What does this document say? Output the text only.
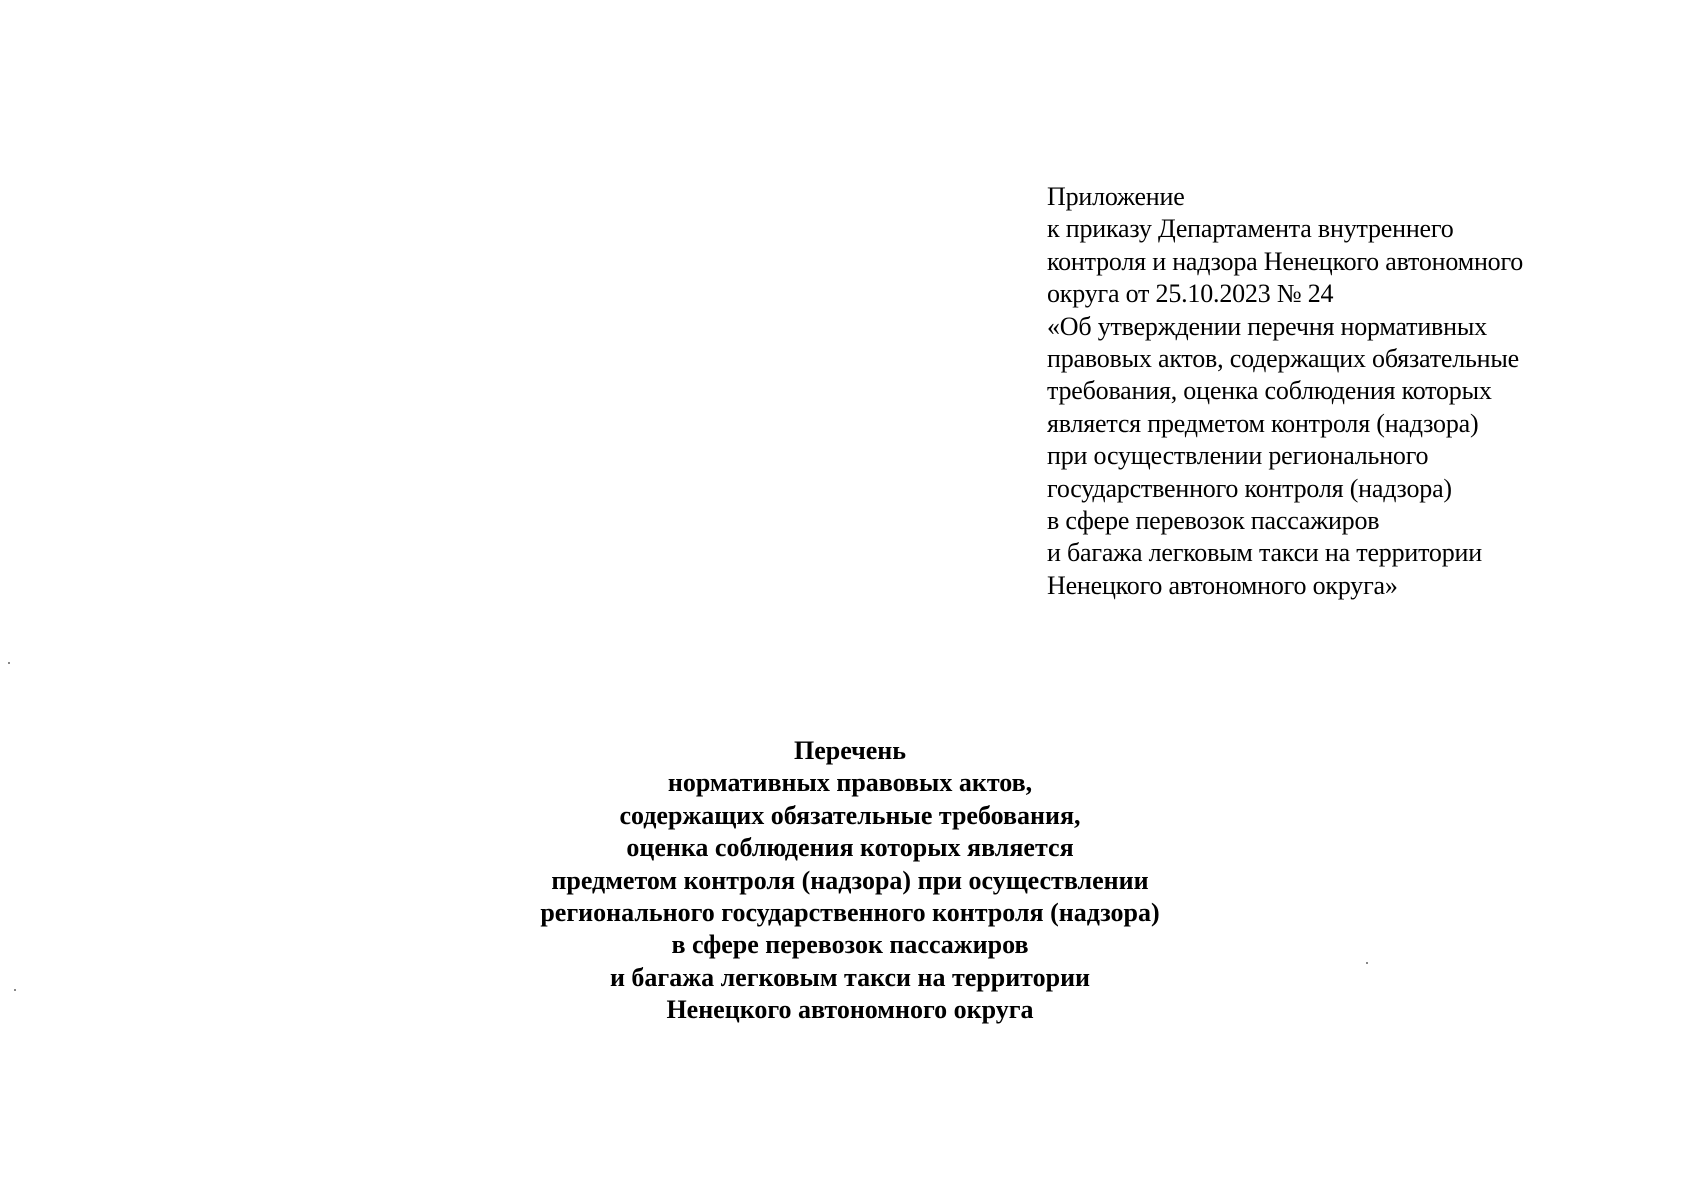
Приложение
к приказу Департамента внутреннего
контроля и надзора Ненецкого автономного
округа от 25.10.2023 № 24
«Об утверждении перечня нормативных
правовых актов, содержащих обязательные
требования, оценка соблюдения которых
является предметом контроля (надзора)
при осуществлении регионального
государственного контроля (надзора)
в сфере перевозок пассажиров
и багажа легковым такси на территории
Ненецкого автономного округа»
Перечень
нормативных правовых актов,
содержащих обязательные требования,
оценка соблюдения которых является
предметом контроля (надзора) при осуществлении
регионального государственного контроля (надзора)
в сфере перевозок пассажиров
и багажа легковым такси на территории
Ненецкого автономного округа
